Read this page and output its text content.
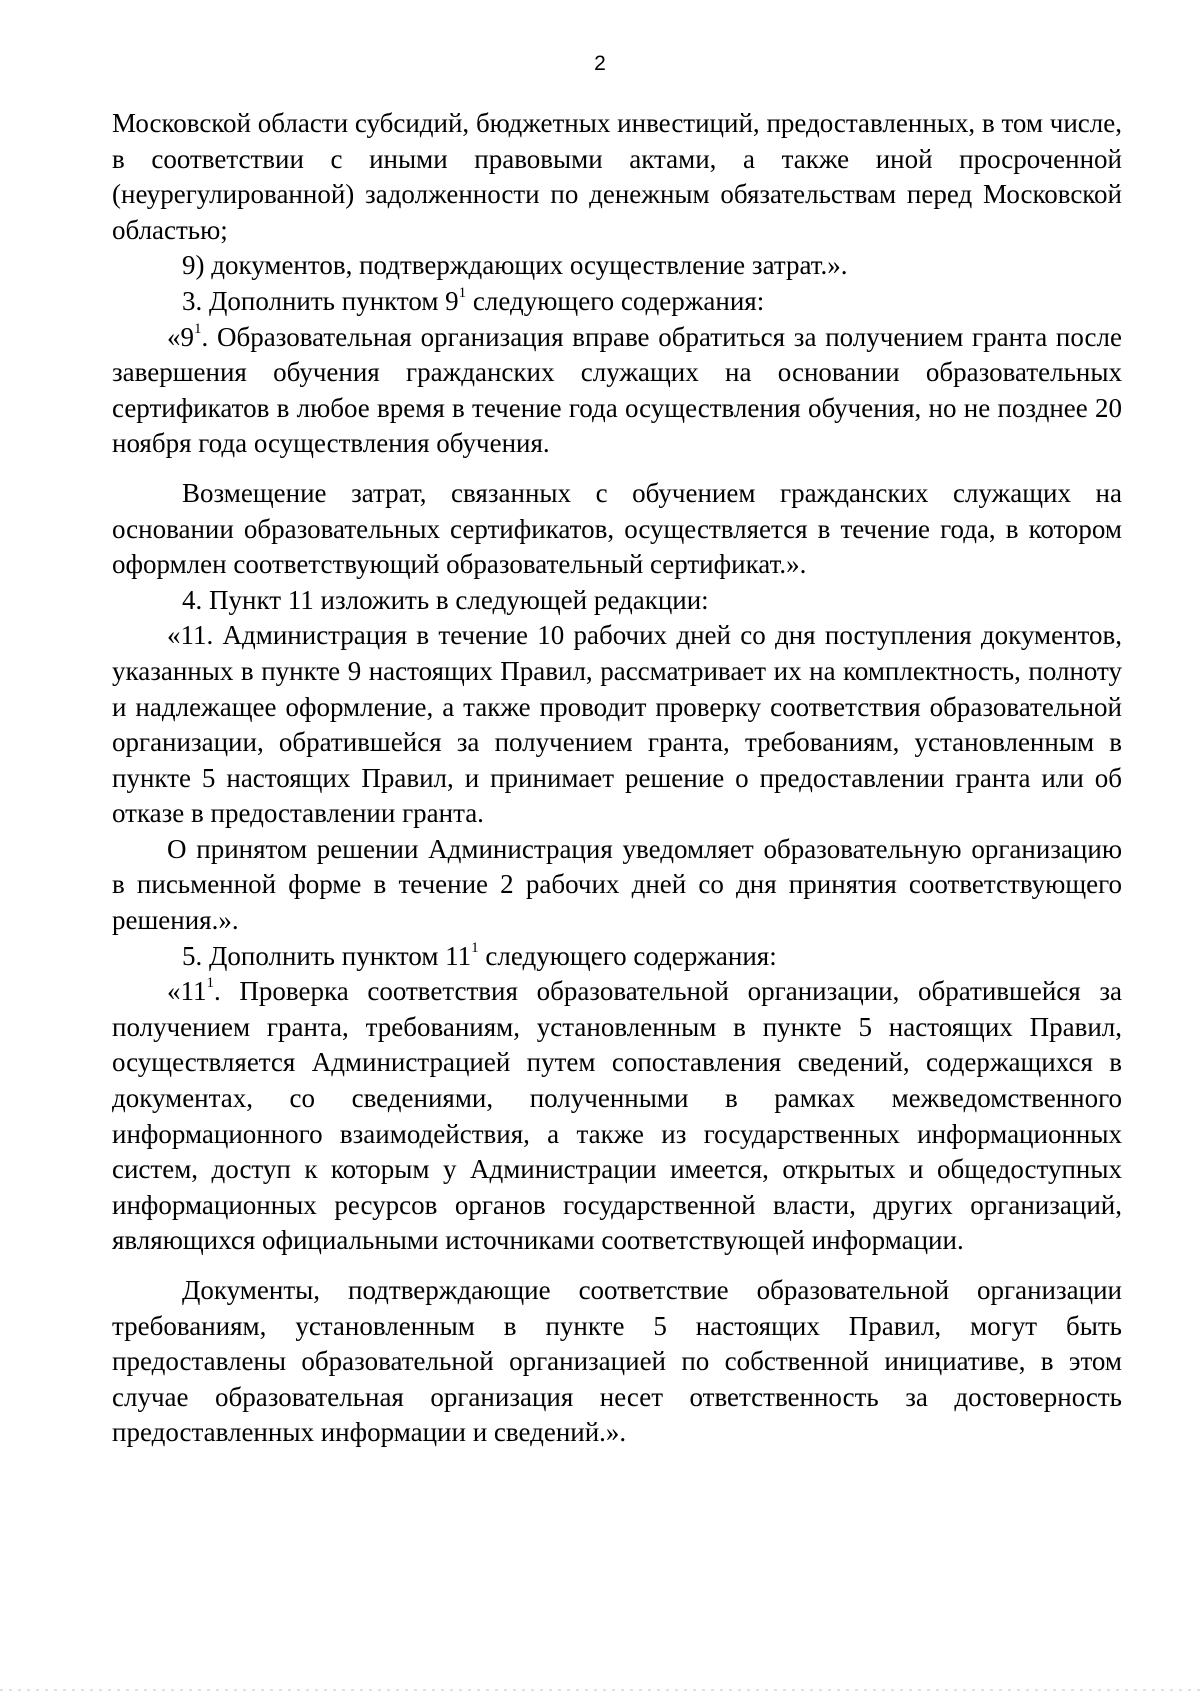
2

Московской области субсидий, бюджетных инвестиций, предоставленных, в том числе, в соответствии с иными правовыми актами, а также иной просроченной (неурегулированной) задолженности по денежным обязательствам перед Московской областью;

9) документов, подтверждающих осуществление затрат.».

3. Дополнить пунктом $9^1$ следующего содержания:

«$9^1$. Образовательная организация вправе обратиться за получением гранта после завершения обучения гражданских служащих на основании образовательных сертификатов в любое время в течение года осуществления обучения, но не позднее 20 ноября года осуществления обучения.

Возмещение затрат, связанных с обучением гражданских служащих на основании образовательных сертификатов, осуществляется в течение года, в котором оформлен соответствующий образовательный сертификат.».

4. Пункт 11 изложить в следующей редакции:

«11. Администрация в течение 10 рабочих дней со дня поступления документов, указанных в пункте 9 настоящих Правил, рассматривает их на комплектность, полноту и надлежащее оформление, а также проводит проверку соответствия образовательной организации, обратившейся за получением гранта, требованиям, установленным в пункте 5 настоящих Правил, и принимает решение о предоставлении гранта или об отказе в предоставлении гранта.

О принятом решении Администрация уведомляет образовательную организацию в письменной форме в течение 2 рабочих дней со дня принятия соответствующего решения.».

5. Дополнить пунктом $11^1$ следующего содержания:

«$11^1$. Проверка соответствия образовательной организации, обратившейся за получением гранта, требованиям, установленным в пункте 5 настоящих Правил, осуществляется Администрацией путем сопоставления сведений, содержащихся в документах, со сведениями, полученными в рамках межведомственного информационного взаимодействия, а также из государственных информационных систем, доступ к которым у Администрации имеется, открытых и общедоступных информационных ресурсов органов государственной власти, других организаций, являющихся официальными источниками соответствующей информации.

Документы, подтверждающие соответствие образовательной организации требованиям, установленным в пункте 5 настоящих Правил, могут быть предоставлены образовательной организацией по собственной инициативе, в этом случае образовательная организация несет ответственность за достоверность предоставленных информации и сведений.».
